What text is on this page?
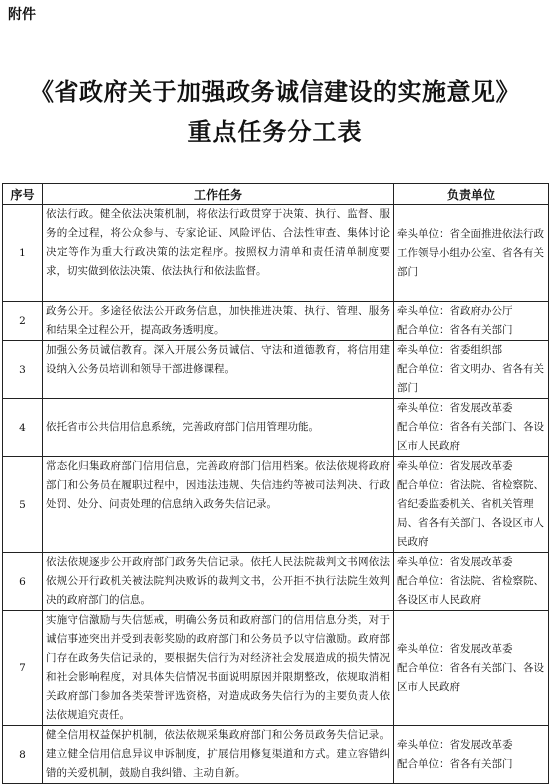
附件
《省政府关于加强政务诚信建设的实施意见》
重点任务分工表
序号	工作任务	负责单位
1	依法行政。健全依法决策机制，将依法行政贯穿于决策、执行、监督、服务的全过程，将公众参与、专家论证、风险评估、合法性审查、集体讨论决定等作为重大行政决策的法定程序。按照权力清单和责任清单制度要求，切实做到依法决策、依法执行和依法监督。	牵头单位：省全面推进依法行政工作领导小组办公室、省各有关部门

2	政务公开。多途径依法公开政务信息，加快推进决策、执行、管理、服务和结果全过程公开，提高政务透明度。	牵头单位：省政府办公厅
配合单位：省各有关部门

3	加强公务员诚信教育。深入开展公务员诚信、守法和道德教育，将信用建设纳入公务员培训和领导干部进修课程。	牵头单位：省委组织部
配合单位：省文明办、省各有关部门

4	依托省市公共信用信息系统，完善政府部门信用管理功能。	牵头单位：省发展改革委
配合单位：省各有关部门、各设区市人民政府

5	常态化归集政府部门信用信息，完善政府部门信用档案。依法依规将政府部门和公务员在履职过程中，因违法违规、失信违约等被司法判决、行政处罚、处分、问责处理的信息纳入政务失信记录。	牵头单位：省发展改革委
配合单位：省法院、省检察院、省纪委监委机关、省机关管理局、省各有关部门、各设区市人民政府

6	依法依规逐步公开政府部门政务失信记录。依托人民法院裁判文书网依法依规公开行政机关被法院判决败诉的裁判文书，公开拒不执行法院生效判决的政府部门的信息。	牵头单位：省发展改革委
配合单位：省法院、省检察院、各设区市人民政府

7	实施守信激励与失信惩戒，明确公务员和政府部门的信用信息分类，对于诚信事迹突出并受到表彰奖励的政府部门和公务员予以守信激励。政府部门存在政务失信记录的，要根据失信行为对经济社会发展造成的损失情况和社会影响程度，对具体失信情况书面说明原因并限期整改，依规取消相关政府部门参加各类荣誉评选资格，对造成政务失信行为的主要负责人依法依规追究责任。	牵头单位：省发展改革委
配合单位：省各有关部门、各设区市人民政府

8	健全信用权益保护机制，依法依规采集政府部门和公务员政务失信记录。建立健全信用信息异议申诉制度，扩展信用修复渠道和方式。建立容错纠错的关爱机制，鼓励自我纠错、主动自新。	牵头单位：省发展改革委
配合单位：省各有关部门
